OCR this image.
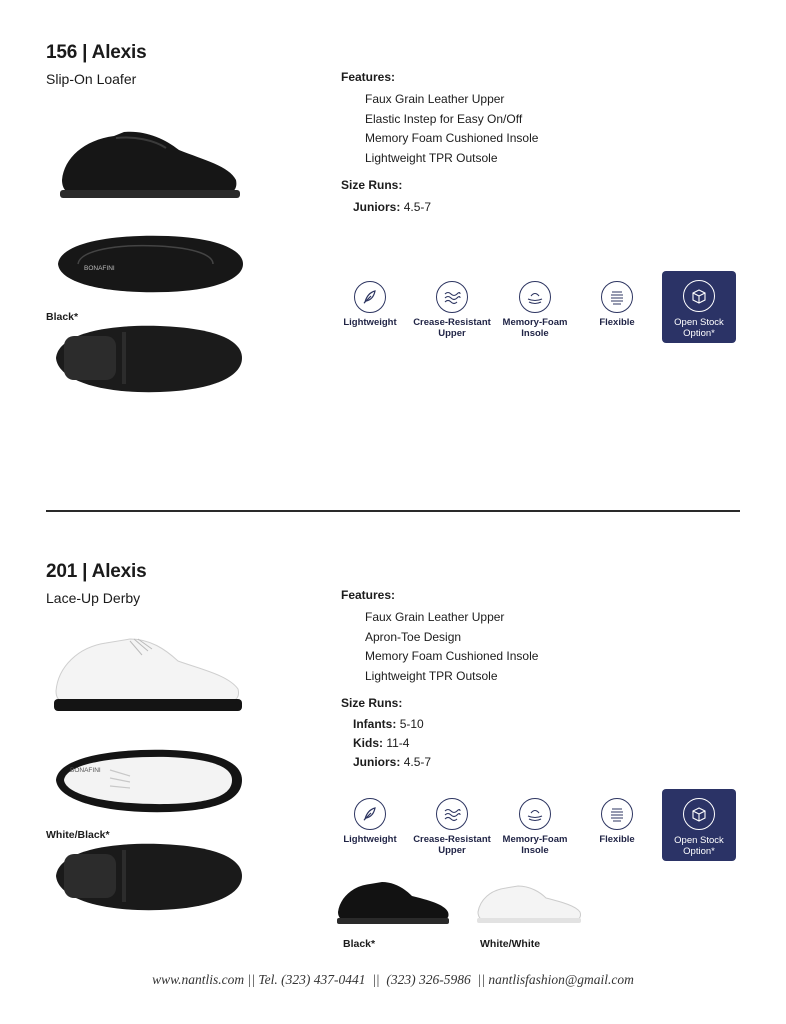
156 | Alexis
Slip-On Loafer	Features:
Faux Grain Leather Upper
Elastic Instep for Easy On/Off
Memory Foam Cushioned Insole
Lightweight TPR Outsole
Size Runs:
Juniors: 4.5-7
Lightweight	Crease-Resistant Upper
Memory-Foam Insole
Flexible	Open Stock Option*
BONAFINI
Black*
201 | Alexis
Lace-Up Derby	Features:
Faux Grain Leather Upper
Apron-Toe Design
Memory Foam Cushioned Insole
Lightweight TPR Outsole
Size Runs:
Infants: 5-10
Kids: 11-4
Juniors: 4.5-7
Lightweight	Crease-Resistant Upper
Memory-Foam Insole
Flexible	Open Stock Option*
BONAFINI
White/Black*
Black*	White/White
www.nantlis.com || Tel. (323) 437-0441 || (323) 326-5986 || nantlisfashion@gmail.com
